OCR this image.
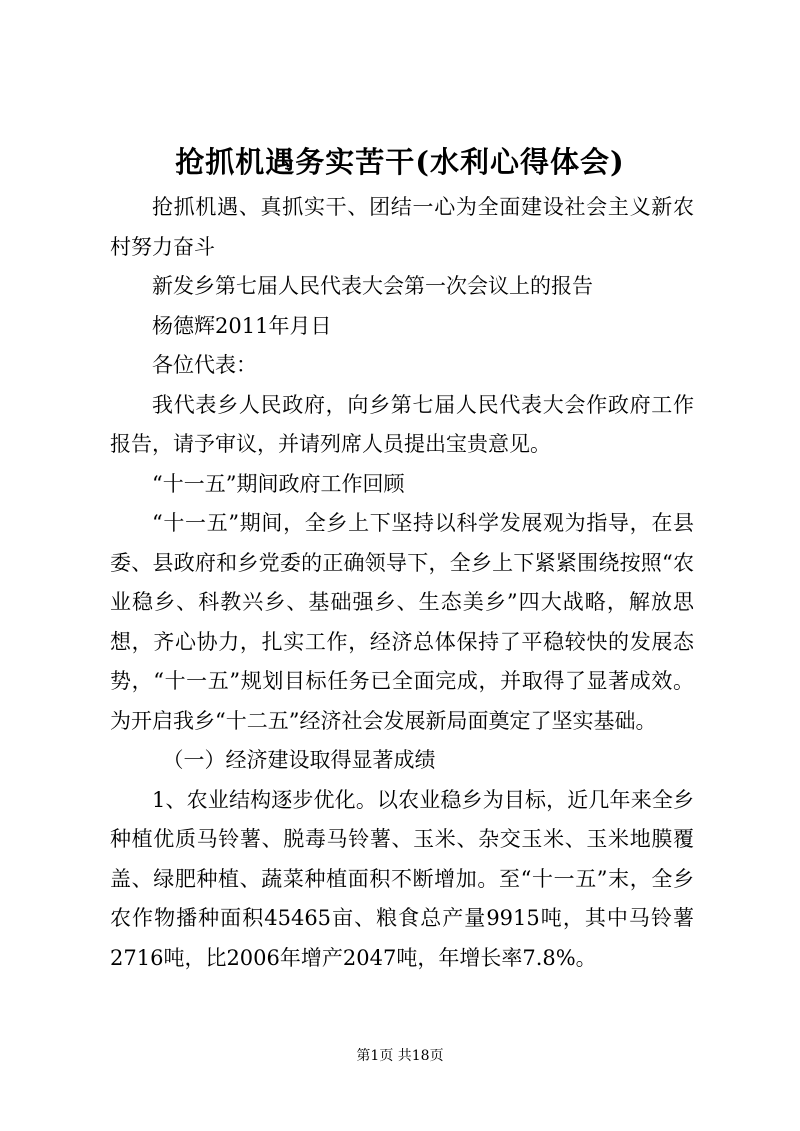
抢抓机遇务实苦干(水利心得体会)

抢抓机遇、真抓实干、团结一心为全面建设社会主义新农村努力奋斗

新发乡第七届人民代表大会第一次会议上的报告

杨德辉2011年月日

各位代表：

我代表乡人民政府，向乡第七届人民代表大会作政府工作报告，请予审议，并请列席人员提出宝贵意见。

“十一五”期间政府工作回顾

“十一五”期间，全乡上下坚持以科学发展观为指导，在县委、县政府和乡党委的正确领导下，全乡上下紧紧围绕按照“农业稳乡、科教兴乡、基础强乡、生态美乡”四大战略，解放思想，齐心协力，扎实工作，经济总体保持了平稳较快的发展态势，“十一五”规划目标任务已全面完成，并取得了显著成效。为开启我乡“十二五”经济社会发展新局面奠定了坚实基础。

（一）经济建设取得显著成绩

1、农业结构逐步优化。以农业稳乡为目标，近几年来全乡种植优质马铃薯、脱毒马铃薯、玉米、杂交玉米、玉米地膜覆盖、绿肥种植、蔬菜种植面积不断增加。至“十一五”末，全乡农作物播种面积45465亩、粮食总产量9915吨，其中马铃薯2716吨，比2006年增产2047吨，年增长率7.8%。

第1页 共18页
